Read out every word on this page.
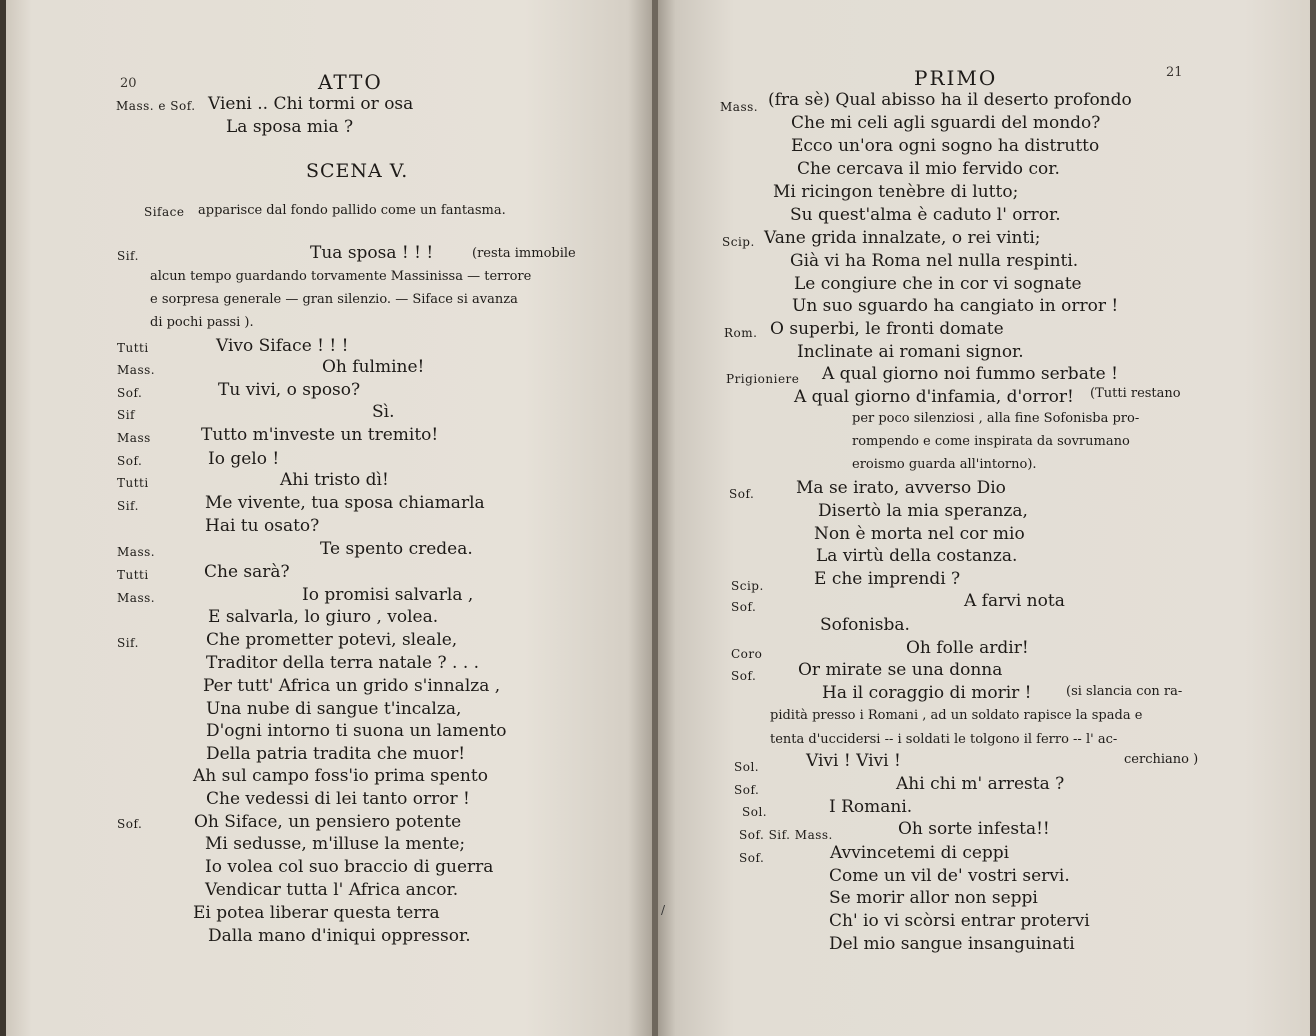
20	ATTO
Mass. e Sof. Vieni .. Chi tormi or osa
La sposa mia ?
SCENA V.
Siface apparisce dal fondo pallido come un fantasma.
Sif.	Tua sposa ! ! !	(resta immobile
alcun tempo guardando torvamente Massinissa — terrore
e sorpresa generale — gran silenzio. — Siface si avanza
di pochi passi ).
Tutti	Vivo Siface ! ! !
Mass.	Oh fulmine!
Sof.	Tu vivi, o sposo?
Sif	Sì.
Mass	Tutto m'investe un tremito!
Sof.	Io gelo !
Tutti	Ahi tristo dì!
Sif.	Me vivente, tua sposa chiamarla
Hai tu osato?
Mass.	Te spento credea.
Tutti	Che sarà?
Mass.	Io promisi salvarla ,
E salvarla, lo giuro , volea.
Sif.	Che prometter potevi, sleale,
Traditor della terra natale ? . . .
Per tutt' Africa un grido s'innalza ,
Una nube di sangue t'incalza,
D'ogni intorno ti suona un lamento
Della patria tradita che muor!
Ah sul campo foss'io prima spento
Che vedessi di lei tanto orror !
Sof.	Oh Siface, un pensiero potente
Mi sedusse, m'illuse la mente;
Io volea col suo braccio di guerra
Vendicar tutta l' Africa ancor.
Ei potea liberar questa terra
Dalla mano d'iniqui oppressor.
PRIMO	21
Mass. (fra sè) Qual abisso ha il deserto profondo
Che mi celi agli sguardi del mondo?
Ecco un'ora ogni sogno ha distrutto
Che cercava il mio fervido cor.
Mi ricingon tenèbre di lutto;
Su quest'alma è caduto l' orror.
Scip. Vane grida innalzate, o rei vinti;
Già vi ha Roma nel nulla respinti.
Le congiure che in cor vi sognate
Un suo sguardo ha cangiato in orror !
Rom. O superbi, le fronti domate
Inclinate ai romani signor.
Prigioniere A qual giorno noi fummo serbate !
A qual giorno d'infamia, d'orror! (Tutti restano
per poco silenziosi , alla fine Sofonisba pro-
rompendo e come inspirata da sovrumano
eroismo guarda all'intorno).
Sof. Ma se irato, avverso Dio
Disertò la mia speranza,
Non è morta nel cor mio
La virtù della costanza.
Scip.	E che imprendi ?
Sof.	A farvi nota
Sofonisba.
Coro	Oh folle ardir!
Sof. Or mirate se una donna
Ha il coraggio di morir !	(si slancia con ra-
pidità presso i Romani , ad un soldato rapisce la spada e
tenta d'uccidersi -- i soldati le tolgono il ferro -- l' ac-
Sol.	Vivi ! Vivi !	cerchiano )
Sof.	Ahi chi m' arresta ?
Sol.	I Romani.
Sof. Sif. Mass.	Oh sorte infesta!!
Sof.	Avvincetemi di ceppi
Come un vil de' vostri servi.
Se morir allor non seppi
Ch' io vi scòrsi entrar protervi
Del mio sangue insanguinati
/
